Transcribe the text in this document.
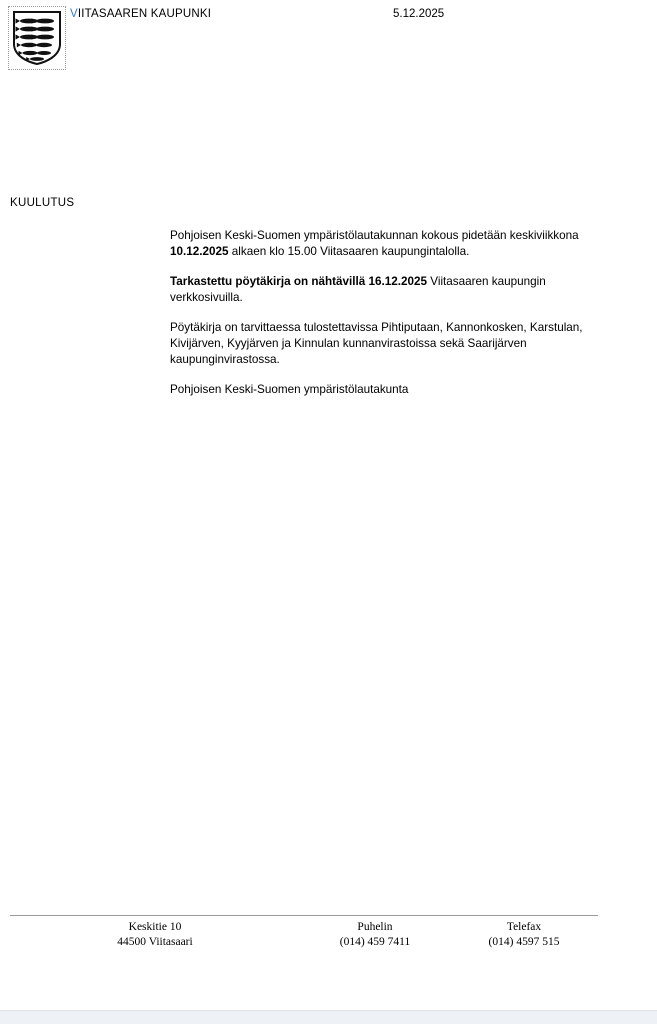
VIITASAAREN KAUPUNKI	5.12.2025
KUULUTUS

Pohjoisen Keski-Suomen ympäristölautakunnan kokous pidetään keskiviikkona 10.12.2025 alkaen klo 15.00 Viitasaaren kaupungintalolla.

Tarkastettu pöytäkirja on nähtävillä 16.12.2025 Viitasaaren kaupungin verkkosivuilla.

Pöytäkirja on tarvittaessa tulostettavissa Pihtiputaan, Kannonkosken, Karstulan, Kivijärven, Kyyjärven ja Kinnulan kunnanvirastoissa sekä Saarijärven kaupunginvirastossa.

Pohjoisen Keski-Suomen ympäristölautakunta

Keskitie 10	Puhelin	Telefax
44500 Viitasaari	(014) 459 7411	(014) 4597 515
